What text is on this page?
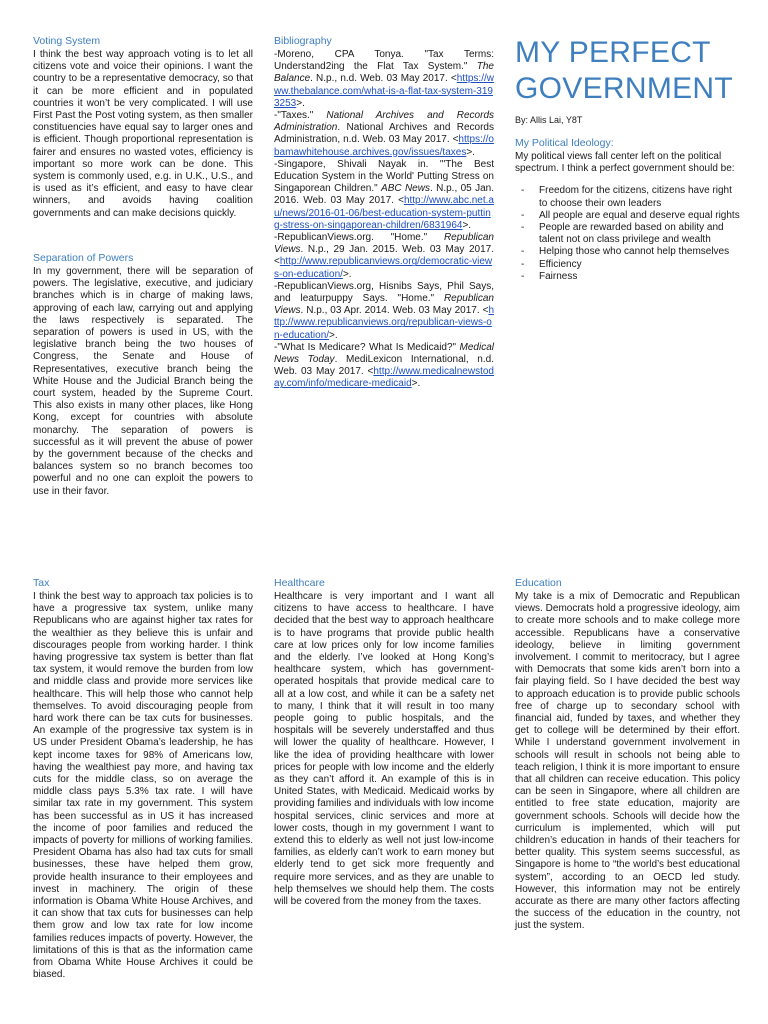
Voting System

I think the best way approach voting is to let all citizens vote and voice their opinions. I want the country to be a representative democracy, so that it can be more efficient and in populated countries it won’t be very complicated. I will use First Past the Post voting system, as then smaller constituencies have equal say to larger ones and is efficient. Though proportional representation is fairer and ensures no wasted votes, efficiency is important so more work can be done. This system is commonly used, e.g. in U.K., U.S., and is used as it’s efficient, and easy to have clear winners, and avoids having coalition governments and can make decisions quickly.

Separation of Powers

In my government, there will be separation of powers. The legislative, executive, and judiciary branches which is in charge of making laws, approving of each law, carrying out and applying the laws respectively is separated. The separation of powers is used in US, with the legislative branch being the two houses of Congress, the Senate and House of Representatives, executive branch being the White House and the Judicial Branch being the court system, headed by the Supreme Court. This also exists in many other places, like Hong Kong, except for countries with absolute monarchy. The separation of powers is successful as it will prevent the abuse of power by the government because of the checks and balances system so no branch becomes too powerful and no one can exploit the powers to use in their favor.

Bibliography

-Moreno, CPA Tonya. "Tax Terms: Understand2ing the Flat Tax System." The Balance. N.p., n.d. Web. 03 May 2017. <https://www.thebalance.com/what-is-a-flat-tax-system-3193253>.

-"Taxes." National Archives and Records Administration. National Archives and Records Administration, n.d. Web. 03 May 2017. <https://obamawhitehouse.archives.gov/issues/taxes>.

-Singapore, Shivali Nayak in. "'The Best Education System in the World' Putting Stress on Singaporean Children." ABC News. N.p., 05 Jan. 2016. Web. 03 May 2017. <http://www.abc.net.au/news/2016-01-06/best-education-system-putting-stress-on-singaporean-children/6831964>.

-RepublicanViews.org. "Home." Republican Views. N.p., 29 Jan. 2015. Web. 03 May 2017. <http://www.republicanviews.org/democratic-views-on-education/>.

-RepublicanViews.org, Hisnibs Says, Phil Says, and leaturpuppy Says. "Home." Republican Views. N.p., 03 Apr. 2014. Web. 03 May 2017. <http://www.republicanviews.org/republican-views-on-education/>.

-"What Is Medicare? What Is Medicaid?" Medical News Today. MediLexicon International, n.d. Web. 03 May 2017. <http://www.medicalnewstoday.com/info/medicare-medicaid>.

MY PERFECT
GOVERNMENT
By: Allis Lai, Y8T
My Political Ideology:

My political views fall center left on the political spectrum. I think a perfect government should be:

- Freedom for the citizens, citizens have right to choose their own leaders
- All people are equal and deserve equal rights
- People are rewarded based on ability and talent not on class privilege and wealth
- Helping those who cannot help themselves
- Efficiency
- Fairness
Tax

I think the best way to approach tax policies is to have a progressive tax system, unlike many Republicans who are against higher tax rates for the wealthier as they believe this is unfair and discourages people from working harder. I think having progressive tax system is better than flat tax system, it would remove the burden from low and middle class and provide more services like healthcare. This will help those who cannot help themselves. To avoid discouraging people from hard work there can be tax cuts for businesses. An example of the progressive tax system is in US under President Obama’s leadership, he has kept income taxes for 98% of Americans low, having the wealthiest pay more, and having tax cuts for the middle class, so on average the middle class pays 5.3% tax rate. I will have similar tax rate in my government. This system has been successful as in US it has increased the income of poor families and reduced the impacts of poverty for millions of working families. President Obama has also had tax cuts for small businesses, these have helped them grow, provide health insurance to their employees and invest in machinery. The origin of these information is Obama White House Archives, and it can show that tax cuts for businesses can help them grow and low tax rate for low income families reduces impacts of poverty. However, the limitations of this is that as the information came from Obama White House Archives it could be biased.

Healthcare

Healthcare is very important and I want all citizens to have access to healthcare. I have decided that the best way to approach healthcare is to have programs that provide public health care at low prices only for low income families and the elderly. I’ve looked at Hong Kong’s healthcare system, which has government-operated hospitals that provide medical care to all at a low cost, and while it can be a safety net to many, I think that it will result in too many people going to public hospitals, and the hospitals will be severely understaffed and thus will lower the quality of healthcare. However, I like the idea of providing healthcare with lower prices for people with low income and the elderly as they can’t afford it. An example of this is in United States, with Medicaid. Medicaid works by providing families and individuals with low income hospital services, clinic services and more at lower costs, though in my government I want to extend this to elderly as well not just low-income families, as elderly can’t work to earn money but elderly tend to get sick more frequently and require more services, and as they are unable to help themselves we should help them. The costs will be covered from the money from the taxes.

Education

My take is a mix of Democratic and Republican views. Democrats hold a progressive ideology, aim to create more schools and to make college more accessible. Republicans have a conservative ideology, believe in limiting government involvement. I commit to meritocracy, but I agree with Democrats that some kids aren’t born into a fair playing field. So I have decided the best way to approach education is to provide public schools free of charge up to secondary school with financial aid, funded by taxes, and whether they get to college will be determined by their effort. While I understand government involvement in schools will result in schools not being able to teach religion, I think it is more important to ensure that all children can receive education. This policy can be seen in Singapore, where all children are entitled to free state education, majority are government schools. Schools will decide how the curriculum is implemented, which will put children’s education in hands of their teachers for better quality. This system seems successful, as Singapore is home to “the world’s best educational system”, according to an OECD led study. However, this information may not be entirely accurate as there are many other factors affecting the success of the education in the country, not just the system.
